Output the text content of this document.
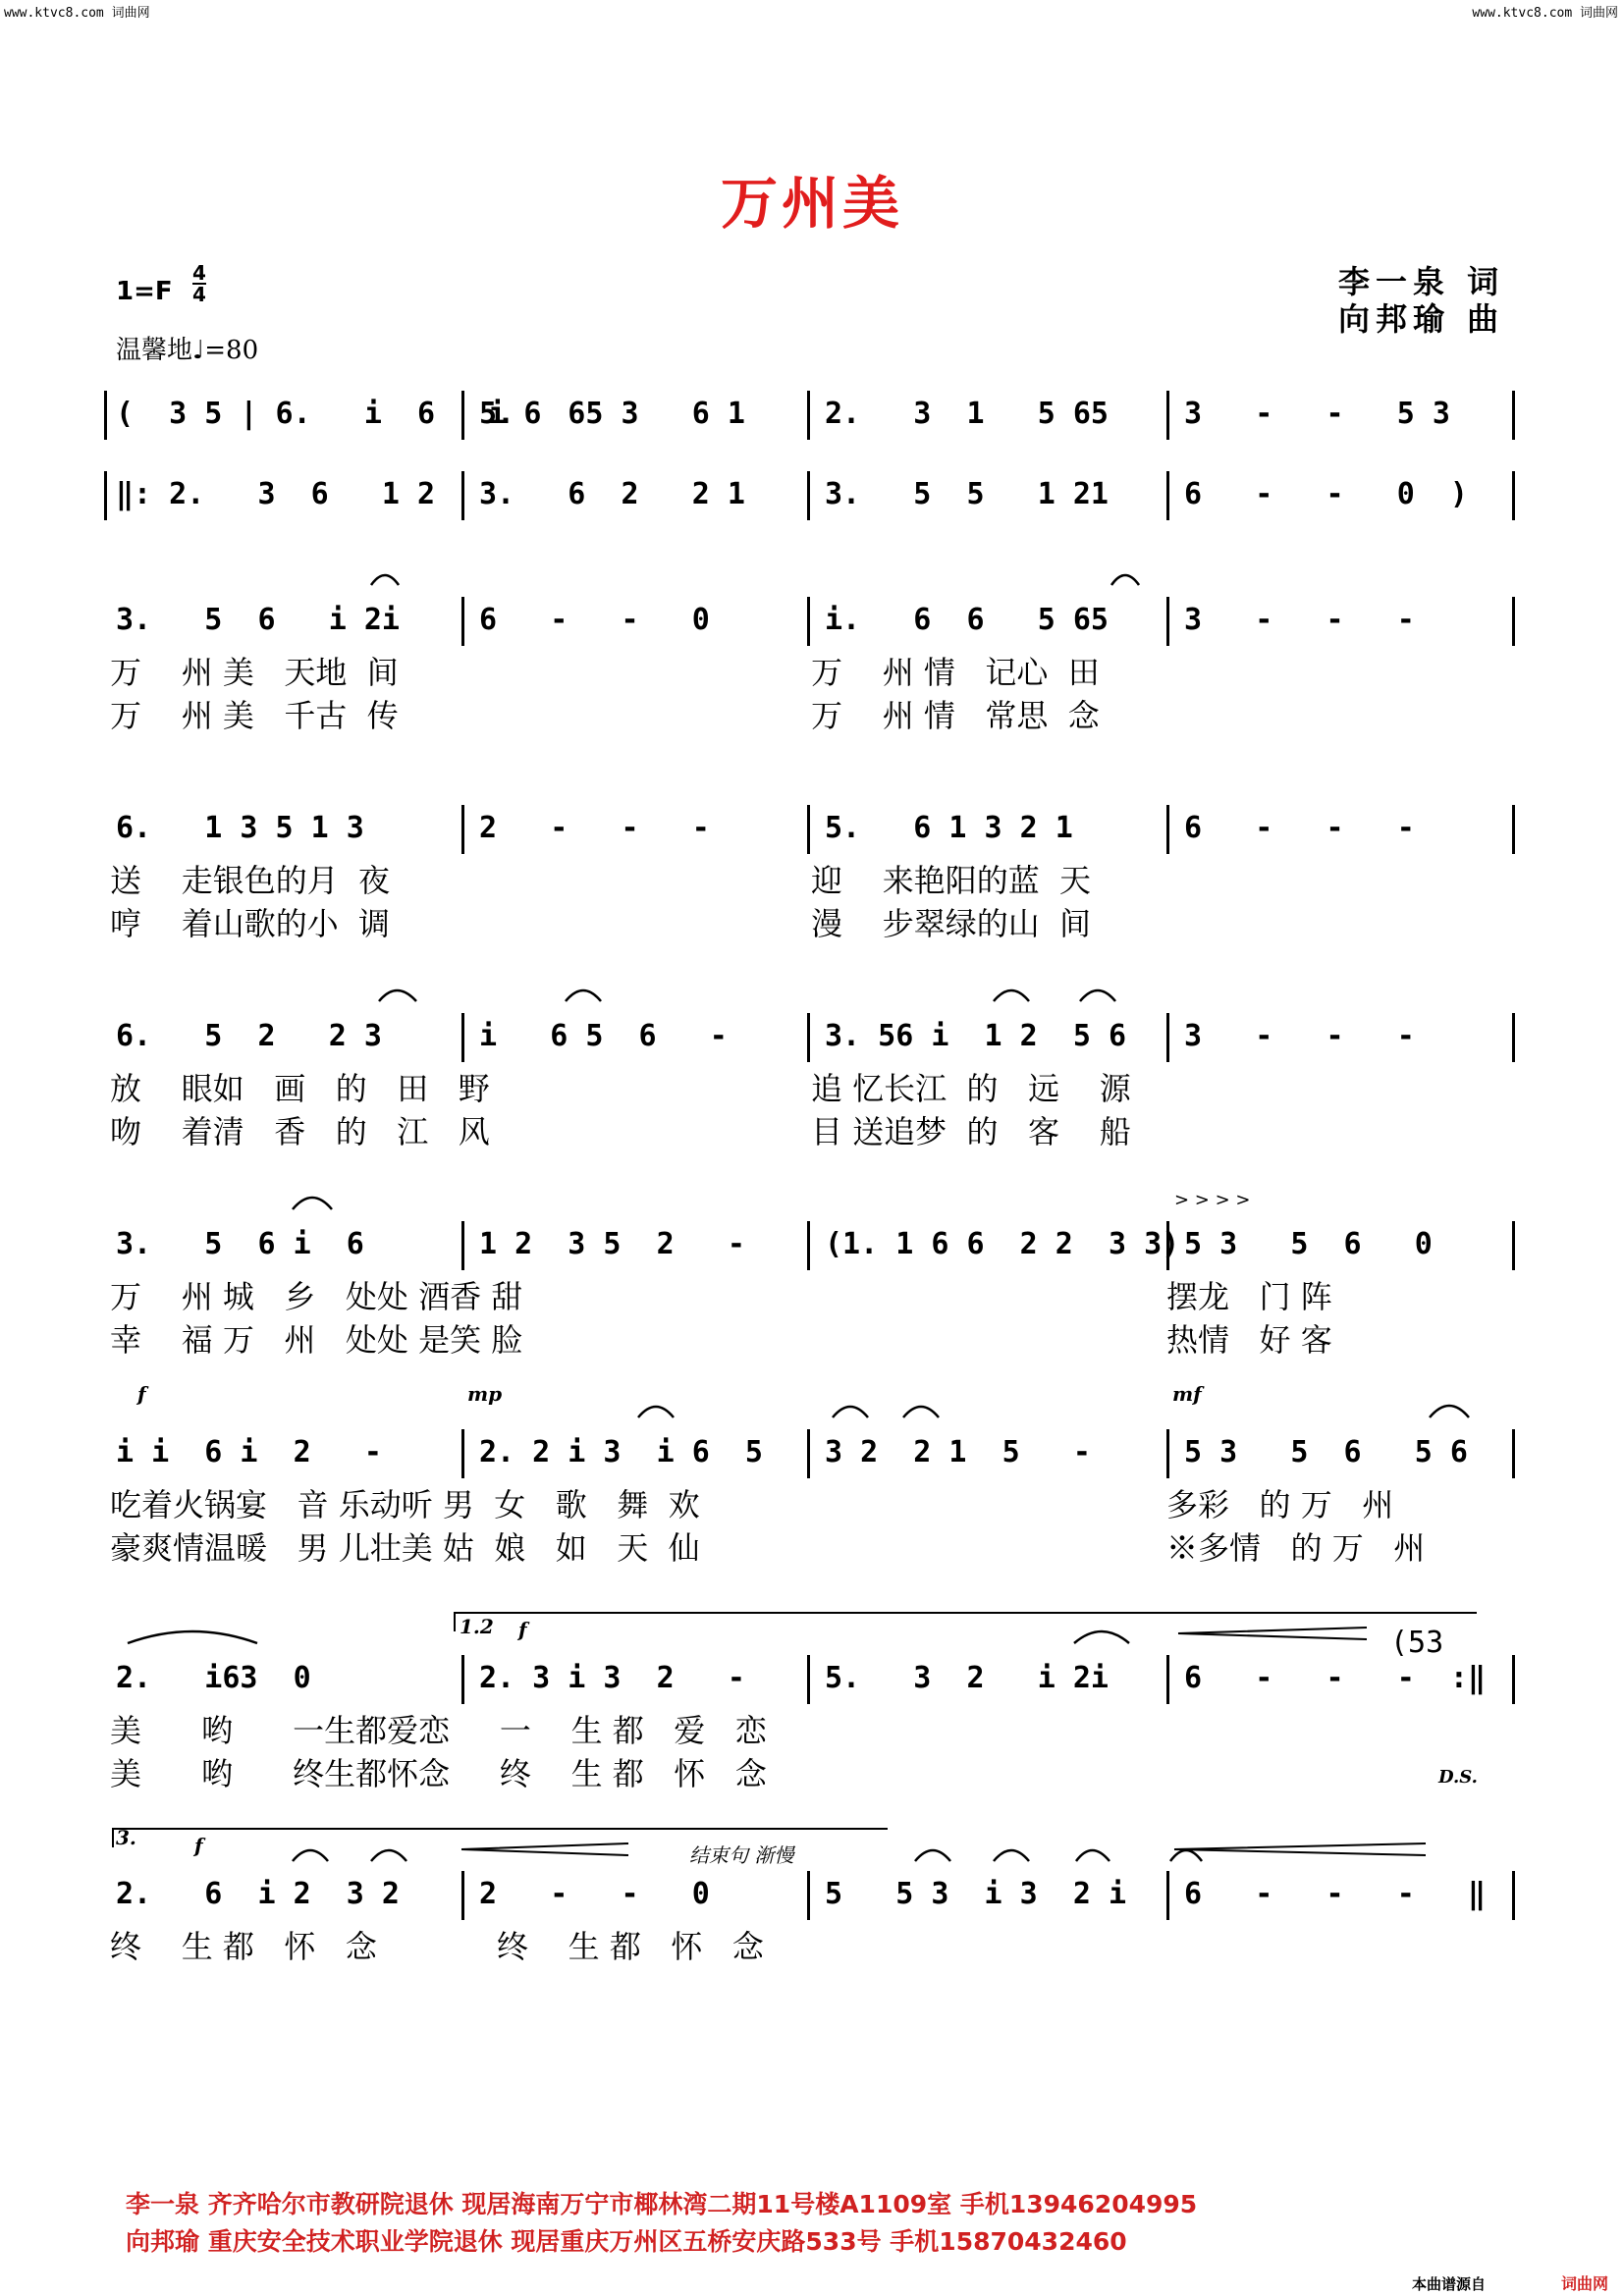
www.ktvc8.com 词曲网	www.ktvc8.com 词曲网
万州美
李一泉 词
向邦瑜 曲
1=F
4
4
温馨地♩=80
(  3 5 | 6.   i  6   i 6
5.   65 3   6 1	2.   3  1   5 65	3   -   -   5 3
‖: 2.   3  6   1 2 3.   6  2   2 1	3.   5  5   1 21	6   -   -   0  )
3.   5  6   i 2i	6   -   -   0	i.   6  6   5 65	3   -   -   -
万    州 美   天地  间	万    州 情   记心  田
万    州 美   千古  传	万    州 情   常思  念
6.   1 3 5 1 3	2   -   -   -	5.   6 1 3 2 1	6   -   -   -
送    走银色的月  夜	迎    来艳阳的蓝  天
哼    着山歌的小  调	漫    步翠绿的山  间
6.   5  2   2 3	i   6 5  6   -	3. 56 i  1 2  5 6 3   -   -   -
放    眼如   画   的   田   野	追 忆长江  的   远    源
吻    着清   香   的   江   风	目 送追梦  的   客    船
3.   5  6 i  6	1 2  3 5  2   -	(1. 1 6 6  2 2  3 3) 5 3   5  6   0
万    州 城   乡   处处 酒香 甜	摆龙   门 阵
幸    福 万   州   处处 是笑 脸	热情   好 客
i i  6 i  2   -	2. 2 i 3  i 6  5 3 2  2 1  5   -	5 3   5  6   5 6
吃着火锅宴   音 乐动听 男  女   歌   舞  欢	多彩   的 万   州
豪爽情温暖   男 儿壮美 姑  娘   如   天  仙	※多情   的 万   州
2.   i63  0	2. 3 i 3  2   -	5.   3  2   i 2i	6   -   -   -  :‖
美      哟      一生都爱恋     一    生 都   爱   恋
美      哟      终生都怀念     终    生 都   怀   念
2.   6  i 2  3 2	2   -   -   0	5   5 3  i 3  2 i 6   -   -   -   ‖
终    生 都   怀   念            终    生 都   怀   念
1.2 f	(53
D.S.
3.	f	结束句 渐慢
f	mp	mf
> > > >
李一泉 齐齐哈尔市教研院退休 现居海南万宁市椰林湾二期11号楼A1109室 手机13946204995
向邦瑜 重庆安全技术职业学院退休 现居重庆万州区五桥安庆路533号 手机15870432460
本曲谱源自	词曲网
